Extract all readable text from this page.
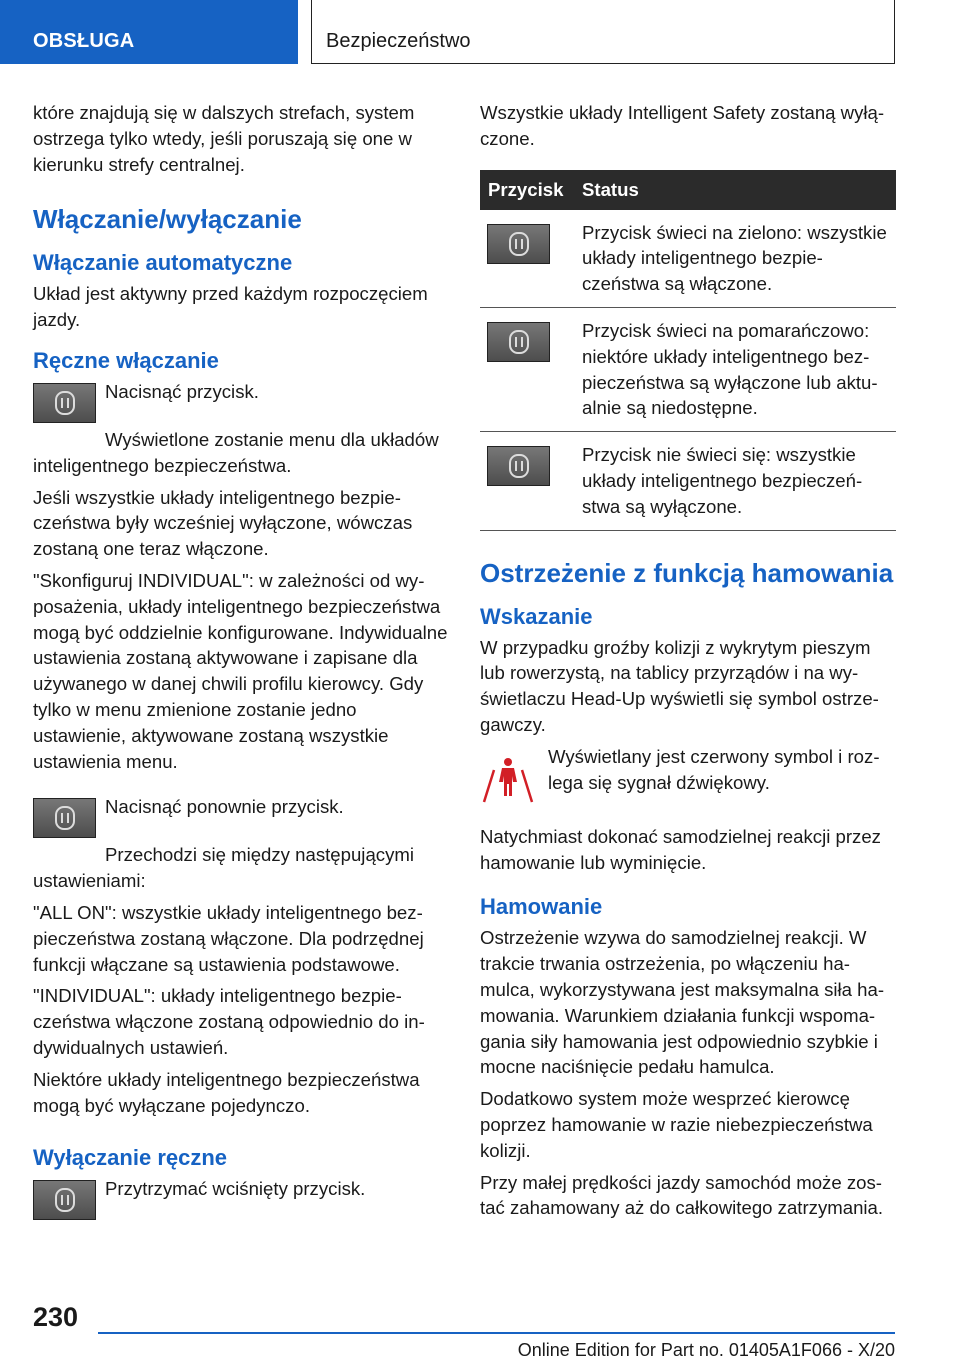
OBSŁUGA	Bezpieczeństwo

które znajdują się w dalszych strefach, system ostrzega tylko wtedy, jeśli poruszają się one w kierunku strefy centralnej.

Włączanie/wyłączanie
Włączanie automatyczne

Układ jest aktywny przed każdym rozpoczęciem jazdy.

Ręczne włączanie

Nacisnąć przycisk.

Wyświetlone zostanie menu dla układów inteligentnego bezpieczeństwa.

Jeśli wszystkie układy inteligentnego bezpieczeństwa były wcześniej wyłączone, wówczas zostaną one teraz włączone.

"Skonfiguruj INDIVIDUAL": w zależności od wyposażenia, układy inteligentnego bezpieczeństwa mogą być oddzielnie konfigurowane. Indywidualne ustawienia zostaną aktywowane i zapisane dla używanego w danej chwili profilu kierowcy. Gdy tylko w menu zmienione zostanie jedno ustawienie, aktywowane zostaną wszystkie ustawienia menu.

Nacisnąć ponownie przycisk.

Przechodzi się między następującymi ustawieniami:

"ALL ON": wszystkie układy inteligentnego bezpieczeństwa zostaną włączone. Dla podrzędnej funkcji włączane są ustawienia podstawowe.

"INDIVIDUAL": układy inteligentnego bezpieczeństwa włączone zostaną odpowiednio do indywidualnych ustawień.

Niektóre układy inteligentnego bezpieczeństwa mogą być wyłączane pojedynczo.

Wyłączanie ręczne

Przytrzymać wciśnięty przycisk.

Wszystkie układy Intelligent Safety zostaną wyłączone.

Przycisk	Status

	Przycisk świeci na zielono: wszystkie układy inteligentnego bezpieczeństwa są włączone.

	Przycisk świeci na pomarańczowo: niektóre układy inteligentnego bezpieczeństwa są wyłączone lub aktualnie są niedostępne.

	Przycisk nie świeci się: wszystkie układy inteligentnego bezpieczeństwa są wyłączone.
Ostrzeżenie z funkcją hamowania
Wskazanie

W przypadku groźby kolizji z wykrytym pieszym lub rowerzystą, na tablicy przyrządów i na wyświetlaczu Head-Up wyświetli się symbol ostrzegawczy.

Wyświetlany jest czerwony symbol i rozlega się sygnał dźwiękowy.

Natychmiast dokonać samodzielnej reakcji przez hamowanie lub wyminięcie.

Hamowanie

Ostrzeżenie wzywa do samodzielnej reakcji. W trakcie trwania ostrzeżenia, po włączeniu hamulca, wykorzystywana jest maksymalna siła hamowania. Warunkiem działania funkcji wspomagania siły hamowania jest odpowiednio szybkie i mocne naciśnięcie pedału hamulca.

Dodatkowo system może wesprzeć kierowcę poprzez hamowanie w razie niebezpieczeństwa kolizji.

Przy małej prędkości jazdy samochód może zostać zahamowany aż do całkowitego zatrzymania.

230
Online Edition for Part no. 01405A1F066 - X/20
